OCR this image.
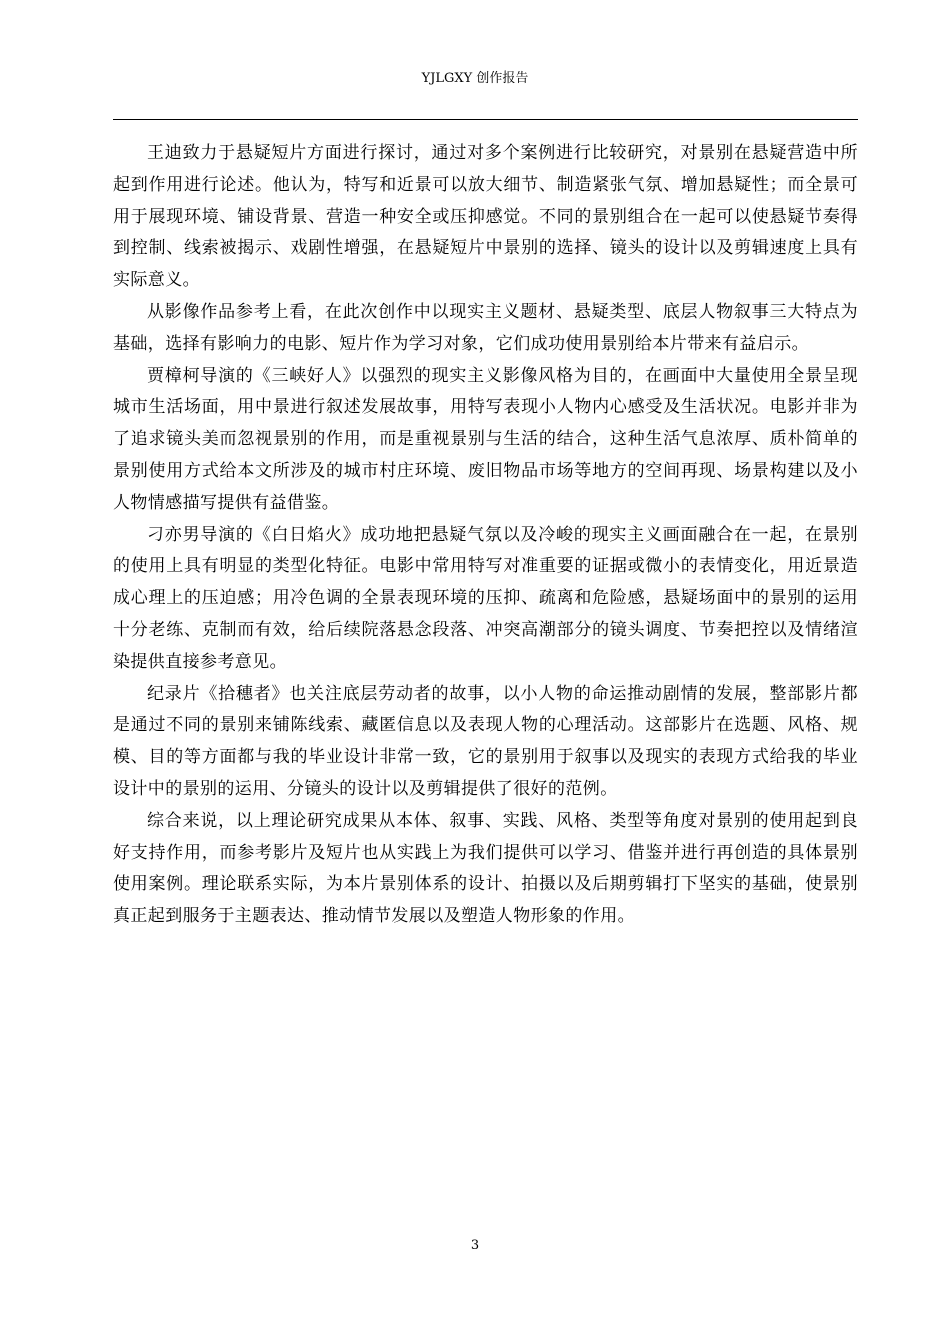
YJLGXY 创作报告

王迪致力于悬疑短片方面进行探讨，通过对多个案例进行比较研究，对景别在悬疑营造中所起到作用进行论述。他认为，特写和近景可以放大细节、制造紧张气氛、增加悬疑性；而全景可用于展现环境、铺设背景、营造一种安全或压抑感觉。不同的景别组合在一起可以使悬疑节奏得到控制、线索被揭示、戏剧性增强，在悬疑短片中景别的选择、镜头的设计以及剪辑速度上具有实际意义。

从影像作品参考上看，在此次创作中以现实主义题材、悬疑类型、底层人物叙事三大特点为基础，选择有影响力的电影、短片作为学习对象，它们成功使用景别给本片带来有益启示。

贾樟柯导演的《三峡好人》以强烈的现实主义影像风格为目的，在画面中大量使用全景呈现城市生活场面，用中景进行叙述发展故事，用特写表现小人物内心感受及生活状况。电影并非为了追求镜头美而忽视景别的作用，而是重视景别与生活的结合，这种生活气息浓厚、质朴简单的景别使用方式给本文所涉及的城市村庄环境、废旧物品市场等地方的空间再现、场景构建以及小人物情感描写提供有益借鉴。

刁亦男导演的《白日焰火》成功地把悬疑气氛以及冷峻的现实主义画面融合在一起，在景别的使用上具有明显的类型化特征。电影中常用特写对准重要的证据或微小的表情变化，用近景造成心理上的压迫感；用冷色调的全景表现环境的压抑、疏离和危险感，悬疑场面中的景别的运用十分老练、克制而有效，给后续院落悬念段落、冲突高潮部分的镜头调度、节奏把控以及情绪渲染提供直接参考意见。

纪录片《拾穗者》也关注底层劳动者的故事，以小人物的命运推动剧情的发展，整部影片都是通过不同的景别来铺陈线索、藏匿信息以及表现人物的心理活动。这部影片在选题、风格、规模、目的等方面都与我的毕业设计非常一致，它的景别用于叙事以及现实的表现方式给我的毕业设计中的景别的运用、分镜头的设计以及剪辑提供了很好的范例。

综合来说，以上理论研究成果从本体、叙事、实践、风格、类型等角度对景别的使用起到良好支持作用，而参考影片及短片也从实践上为我们提供可以学习、借鉴并进行再创造的具体景别使用案例。理论联系实际，为本片景别体系的设计、拍摄以及后期剪辑打下坚实的基础，使景别真正起到服务于主题表达、推动情节发展以及塑造人物形象的作用。

3
